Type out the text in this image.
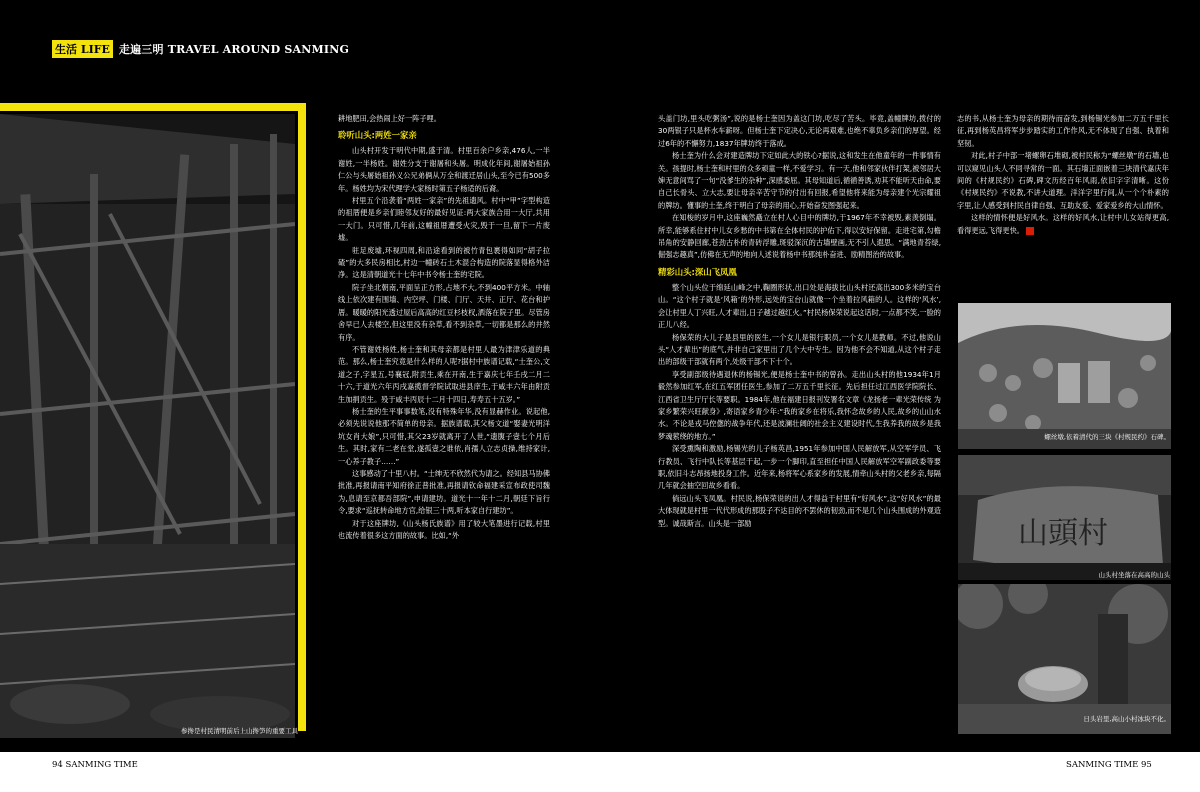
生活 LIFE 走遍三明 TRAVEL AROUND SANMING
参搀是村民清明前后上山搀笋的重要工具

耕地肥田,会热闹上好一阵子哩。

聆听山头:两姓一家亲

山头村开发于明代中期,盛于清。村里百余户乡亲,476人,一半谢姓,一半杨姓。谢姓分支于谢屠和头屠。明成化年间,谢屠始祖孙仁公与头屠始祖孙义公兄弟俩从万全和渡迁居山头,至今已有500多年。杨姓均为宋代理学大家杨时第五子杨适的后裔。

村里五个沿袭着“两姓一家亲”的先祖遗风。村中“甲”字型构造的祖厝便是乡亲们睦邻友好的最好见证:两大家族合用一大厅,共用一大门。只可惜,几年前,这幢祖厝遭受火灾,毁于一旦,留下一片废墟。

驻足废墟,环视四周,和沿途看到的被竹青包裹得如同“胡子拉碴”的大多民房相比,村边一幢砖石土木混合构造的院落显得格外洁净。这是清朝道光十七年中书令杨士奎的宅院。

院子坐北朝南,平面呈正方形,占地不大,不到400平方米。中轴线上依次建有围墙、内空坪、门楼、门厅、天井、正厅、花台和护厝。暖暖的阳光透过屋后高高的红豆杉枝杈,洒落在院子里。尽管房舍早已人去楼空,但这里没有杂草,看不到杂草,一切都是那么的井然有序。

不管谢姓杨姓,杨士奎和其母亲都是村里人最为津津乐道的典范。那么,杨士奎究竟是什么样的人呢?据村中族谱记载,“士奎公,文道之子,字星五,号襄冠,附贡生,乘在开南,生于嘉庆七年壬戌二月二十六,于道光六年丙戌嘉揽督学院试取进县庠生,于咸丰六年由附贡生加捐贡生。殁于咸丰丙辰十二月十四日,寿寿五十五岁。”

杨士奎的生平事事数笔,没有特殊年华,没有显赫作业。说起他,必须先说说他那不简单的母亲。据族谱载,其父杨文道“娶妻光明洋坑女肖大娘”,只可惜,其父23岁就离开了人世,“遗腹子壹七个月后生。其时,家有二老在堂,遂孤壹之谁依,肖孺人立志贞操,维持家计,一心养子教子……”

这事感动了十里八村。“士绅无不欣然代为请之。经知县马协佛批准,再报请南平知府徐正普批准,再报请钦命福建采宣布政使司魏为,息请至京都吾部院”,申请建坊。道光十一年十二月,朝廷下旨行令,要求“巡抚转命地方官,给银三十两,听本家自行建坊”。

对于这座牌坊,《山头杨氏族谱》用了较大笔墨进行记载,村里也流传着很多这方面的故事。比如,“外

头盖门坊,里头吃粥汤”,说的是杨士奎因为盖这门坊,吃尽了苦头。毕竟,盖幢牌坊,拨付的30两银子只是杯水车薪呀。但杨士奎下定决心,无论再艰难,也绝不辜负乡亲们的厚望。经过6年的不懈努力,1837年牌坊终于落成。

杨士奎为什么会对建造牌坊下定如此大的铁心?据说,这和发生在他童年的一件事情有关。孩提时,杨士奎和村里的众多顽童一样,不爱学习。有一天,他和邻家伙伴打架,被邻居大婶无意间骂了一句“没爹生的杂种”,深感委屈。其母知道后,循循善诱,劝其不能听天由命,要自己长骨头、立大志,要让母亲辛苦守节的付出有回报,希望他将来能为母亲建个光宗耀祖的牌坊。懂事的士奎,终于明白了母亲的用心,开始奋发图强起来。

在知梭的岁月中,这座巍然矗立在村人心目中的牌坊,于1967年不幸被毁,素羡倒塌。所幸,能够系住村中儿女乡愁的中书第在全体村民的护佑下,得以安好保留。走进宅第,勾檐吊角的安静回廊,苍劲古朴的青砖浮雕,斑驳深沉的古墙壁画,无不引人遐思。“满地青苔绿,倔强志趣真”,仿佛在无声的地向人述说着杨中书那纯朴奋进、励精图治的故事。

精彩山头:深山飞凤凰

整个山头位于绵延山峰之中,鞠圈形状,出口处是海拔比山头村还高出300多米的宝台山。“这个村子就是‘风箱’的外形,远处的宝台山就像一个坐着拉风箱的人。这样的‘风水’,会让村里人丁兴旺,人才辈出,日子越过越红火。”村民杨保荣说起这话时,一点都不笑,一脸的正儿八经。

杨保荣的大儿子是县里的医生,一个女儿是银行职员,一个女儿是教师。不过,他说山头“人才辈出”的底气,并非自己家里出了几个大中专生。因为他不会不知道,从这个村子走出的部级干部就有两个,处级干部不下十个。

享受副部级待遇退休的杨锡光,便是杨士奎中书的曾孙。走出山头村的他1934年1月毅然参加红军,在红五军团任医生,参加了二万五千里长征。先后担任过江西医学院院长、江西省卫生厅厅长等要职。1984年,他在福建日报刊发署名文章《龙扬老一辈光荣传统 为家乡繁荣兴旺献身》,寄语家乡青少年:“我的家乡在将乐,我怀念故乡的人民,故乡的山山水水。不论是戎马倥偬的战争年代,还是波澜壮阔的社会主义建设时代,生我养我的故乡是我梦魂萦绕的地方。”

深受熏陶和激励,杨锡光的儿子杨英昌,1951年参加中国人民解放军,从空军学员、飞行教员、飞行中队长等基层干起,一步一个脚印,直至担任中国人民解放军空军副政委等要职,依旧斗志昂扬地投身工作。近年来,杨将军心系家乡的发展,情牵山头村的父老乡亲,每隔几年就会抽空回故乡看看。

倘远山头飞凤凰。村民说,杨保荣说的出人才得益于村里有“好风水”,这“好风水”的最大体现就是村里一代代形成的那股子不达目的不罢休的韧劲,而不是几个山头围成的外观造型。诚哉斯言。山头是一部励

志的书,从杨士奎为母亲的期待而奋发,到杨锡光参加二万五千里长征,再到杨英昌将军步步踏实的工作作风,无不体现了自强、执着和坚韧。

对此,村子中部一堵螺卵石堆砌,被村民称为“螺丝墩”的石墙,也可以窥见山头人不同寻常的一面。其石墙正面嵌着三块清代嘉庆年间的《村规民约》石碑,碑文历经百年风雨,依旧字字清晰。这份《村规民约》不说教,不讲大道理。洋洋字里行间,从一个个朴素的字里,让人感受到村民自律自强、互助友爱、爱家爱乡的大山情怀。

这样的情怀便是好风水。这样的好风水,让村中儿女站得更高,看得更远,飞得更快。

螺丝墩,依着清代的三块《村规民约》石碑。
山頭村
山头村坐落在高高的山头
日头岩里,高山小村冰块不化。
94 SANMING TIME	SANMING TIME 95
